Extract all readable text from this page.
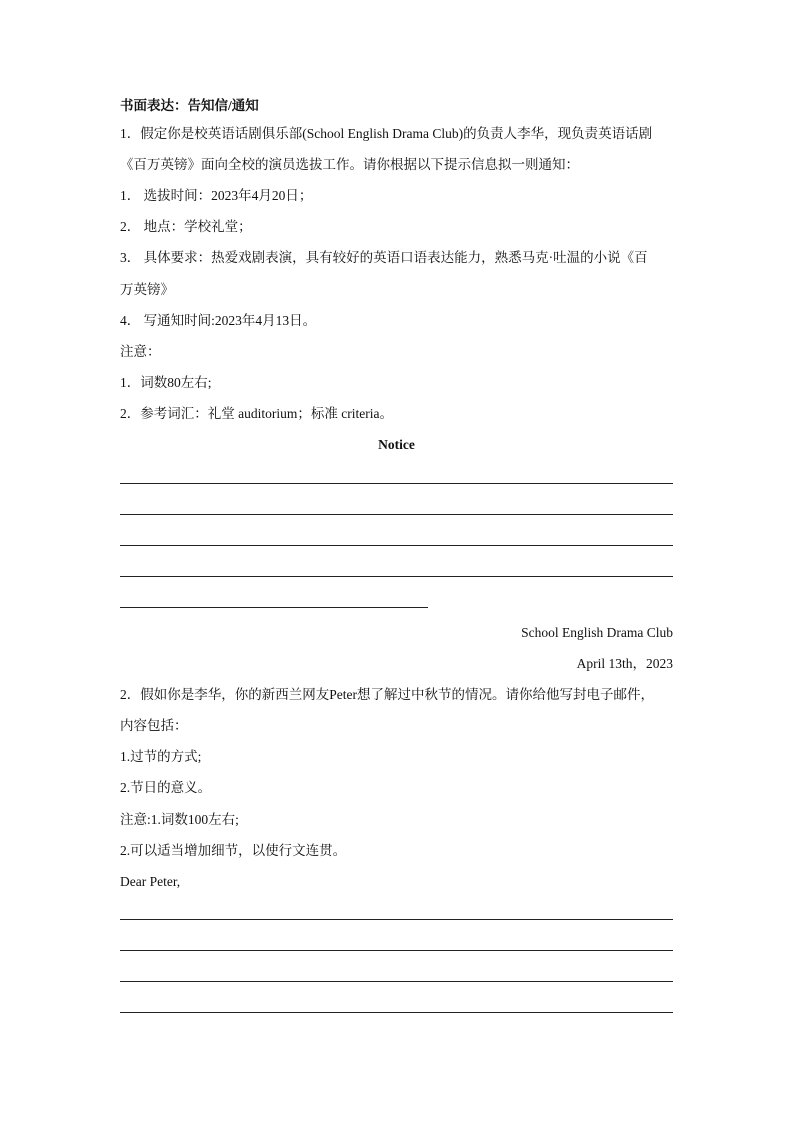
书面表达：告知信/通知
1．假定你是校英语话剧俱乐部(School English Drama Club)的负责人李华，现负责英语话剧
《百万英镑》面向全校的演员选拔工作。请你根据以下提示信息拟一则通知：
1． 选拔时间：2023年4月20日；
2． 地点：学校礼堂；
3． 具体要求：热爱戏剧表演，具有较好的英语口语表达能力，熟悉马克·吐温的小说《百
万英镑》
4． 写通知时间:2023年4月13日。
注意：
1．词数80左右;
2．参考词汇：礼堂 auditorium；标准 criteria。
Notice
School English Drama Club
April 13th，2023
2．假如你是李华，你的新西兰网友Peter想了解过中秋节的情况。请你给他写封电子邮件，
内容包括：
1.过节的方式;
2.节日的意义。
注意:1.词数100左右;
2.可以适当增加细节，以使行文连贯。
Dear Peter,
